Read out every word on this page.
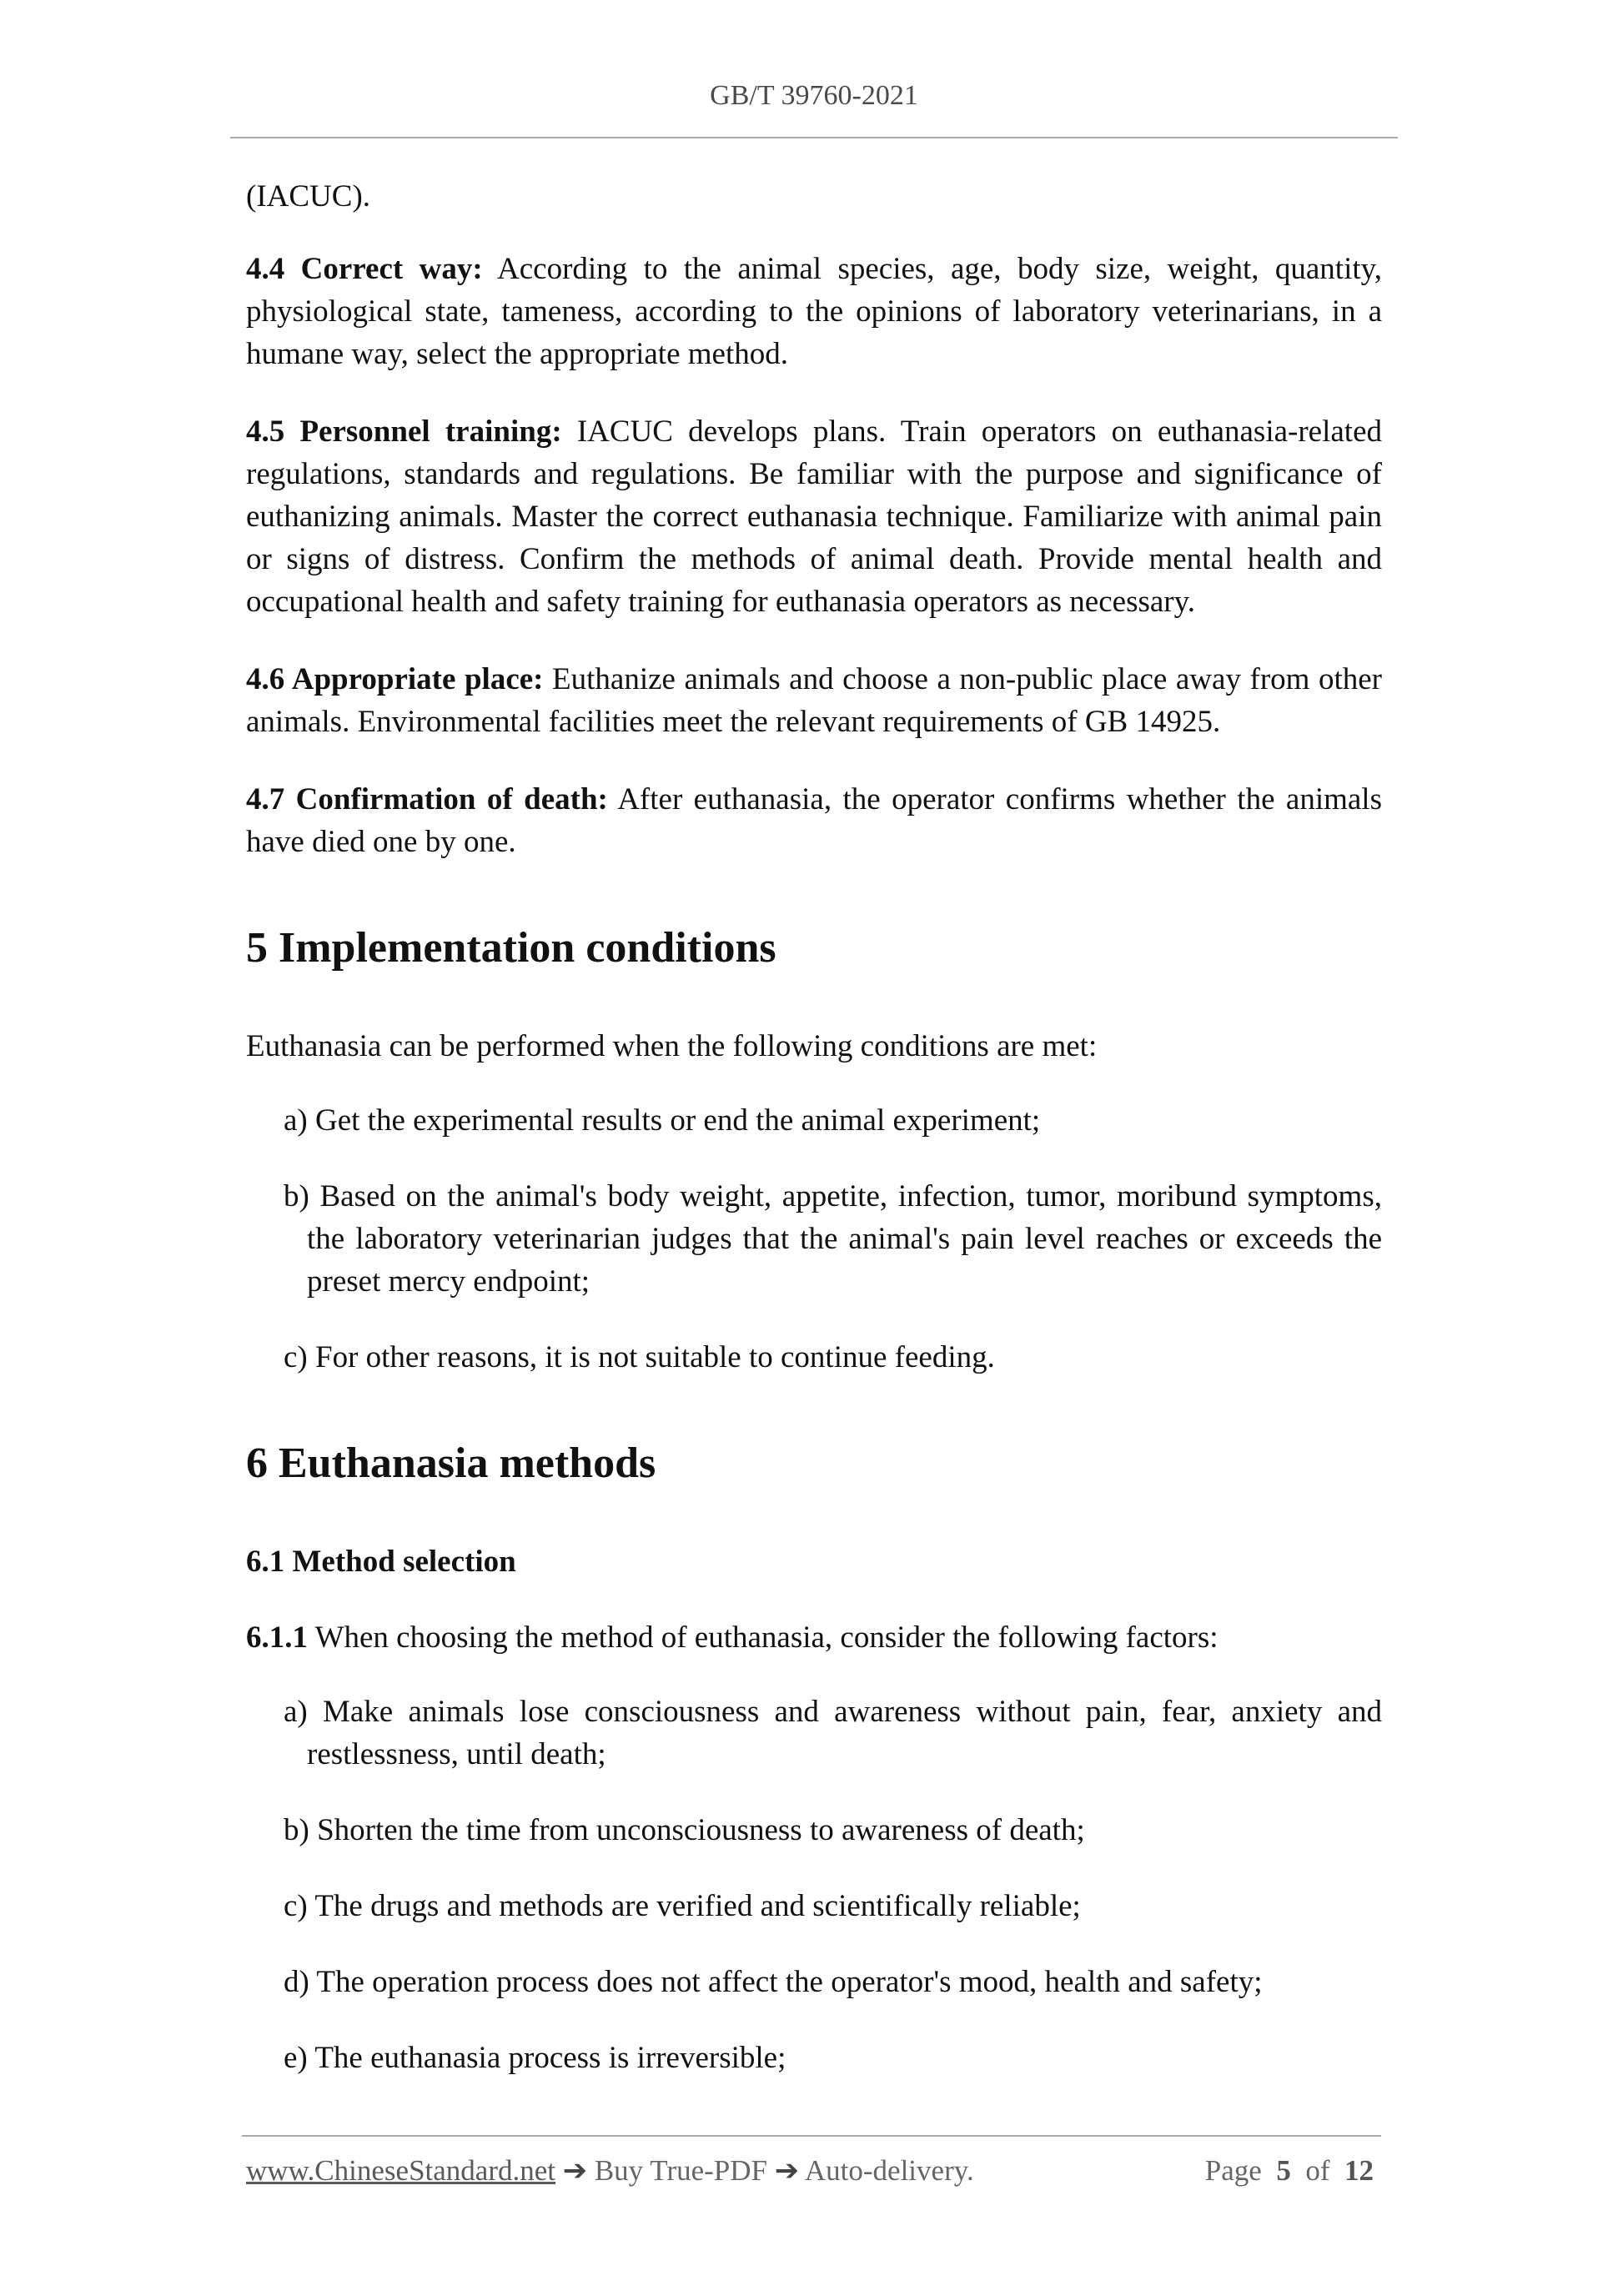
GB/T 39760-2021

(IACUC).

4.4 Correct way: According to the animal species, age, body size, weight, quantity, physiological state, tameness, according to the opinions of laboratory veterinarians, in a humane way, select the appropriate method.

4.5 Personnel training: IACUC develops plans. Train operators on euthanasia-related regulations, standards and regulations. Be familiar with the purpose and significance of euthanizing animals. Master the correct euthanasia technique. Familiarize with animal pain or signs of distress. Confirm the methods of animal death. Provide mental health and occupational health and safety training for euthanasia operators as necessary.

4.6 Appropriate place: Euthanize animals and choose a non-public place away from other animals. Environmental facilities meet the relevant requirements of GB 14925.

4.7 Confirmation of death: After euthanasia, the operator confirms whether the animals have died one by one.

5 Implementation conditions

Euthanasia can be performed when the following conditions are met:

a) Get the experimental results or end the animal experiment;

b) Based on the animal's body weight, appetite, infection, tumor, moribund symptoms, the laboratory veterinarian judges that the animal's pain level reaches or exceeds the preset mercy endpoint;

c) For other reasons, it is not suitable to continue feeding.

6 Euthanasia methods
6.1 Method selection

6.1.1 When choosing the method of euthanasia, consider the following factors:

a) Make animals lose consciousness and awareness without pain, fear, anxiety and restlessness, until death;

b) Shorten the time from unconsciousness to awareness of death;

c) The drugs and methods are verified and scientifically reliable;

d) The operation process does not affect the operator's mood, health and safety;

e) The euthanasia process is irreversible;

www.ChineseStandard.net ➔ Buy True-PDF ➔ Auto-delivery.	Page 5 of 12
